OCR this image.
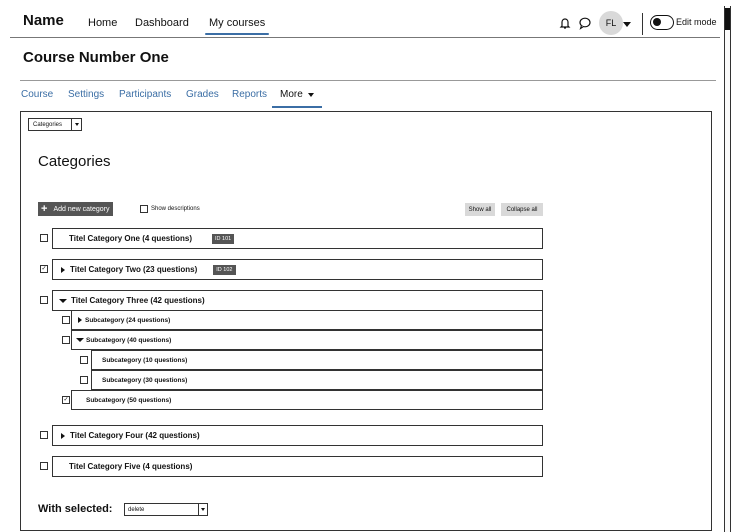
Name Home Dashboard My courses	FL	Edit mode
Course Number One
Course Settings Participants Grades Reports More
Categories
Categories
+ Add new category	Show descriptions	Show all	Collapse all
Titel Category One (4 questions)	ID 101
✓	Titel Category Two (23 questions)	ID 102
Titel Category Three (42 questions)
Subcategory (24 questions)
Subcategory (40 questions)
Subcategory (10 questions)
Subcategory (30 questions)
✓	Subcategory (50 questions)
Titel Category Four (42 questions)
Titel Category Five (4 questions)
With selected:	delete
